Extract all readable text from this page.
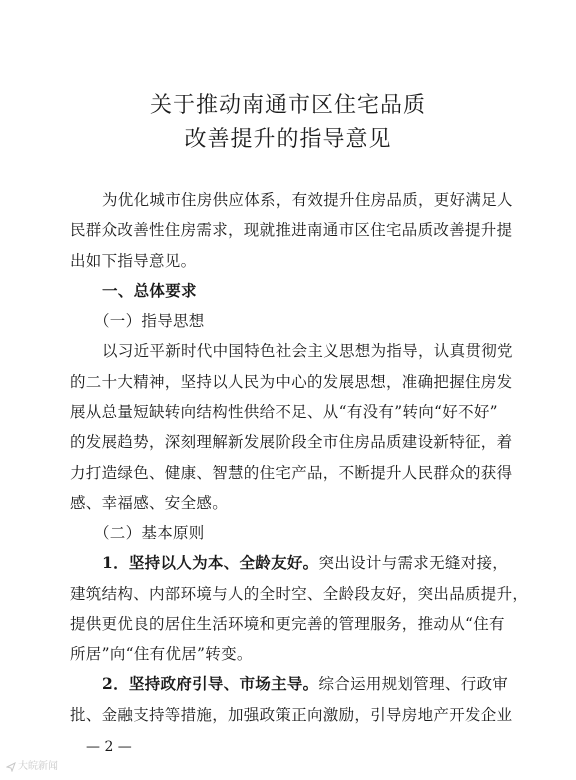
关于推动南通市区住宅品质
改善提升的指导意见
为优化城市住房供应体系，有效提升住房品质，更好满足人
民群众改善性住房需求，现就推进南通市区住宅品质改善提升提
出如下指导意见。
一、总体要求
（一）指导思想
以习近平新时代中国特色社会主义思想为指导，认真贯彻党
的二十大精神，坚持以人民为中心的发展思想，准确把握住房发
展从总量短缺转向结构性供给不足、从“有没有”转向“好不好”
的发展趋势，深刻理解新发展阶段全市住房品质建设新特征，着
力打造绿色、健康、智慧的住宅产品，不断提升人民群众的获得
感、幸福感、安全感。
（二）基本原则
1．坚持以人为本、全龄友好。突出设计与需求无缝对接，
建筑结构、内部环境与人的全时空、全龄段友好，突出品质提升，
提供更优良的居住生活环境和更完善的管理服务，推动从“住有
所居”向“住有优居”转变。
2．坚持政府引导、市场主导。综合运用规划管理、行政审
批、金融支持等措施，加强政策正向激励，引导房地产开发企业
— 2 —
大皖新闻
